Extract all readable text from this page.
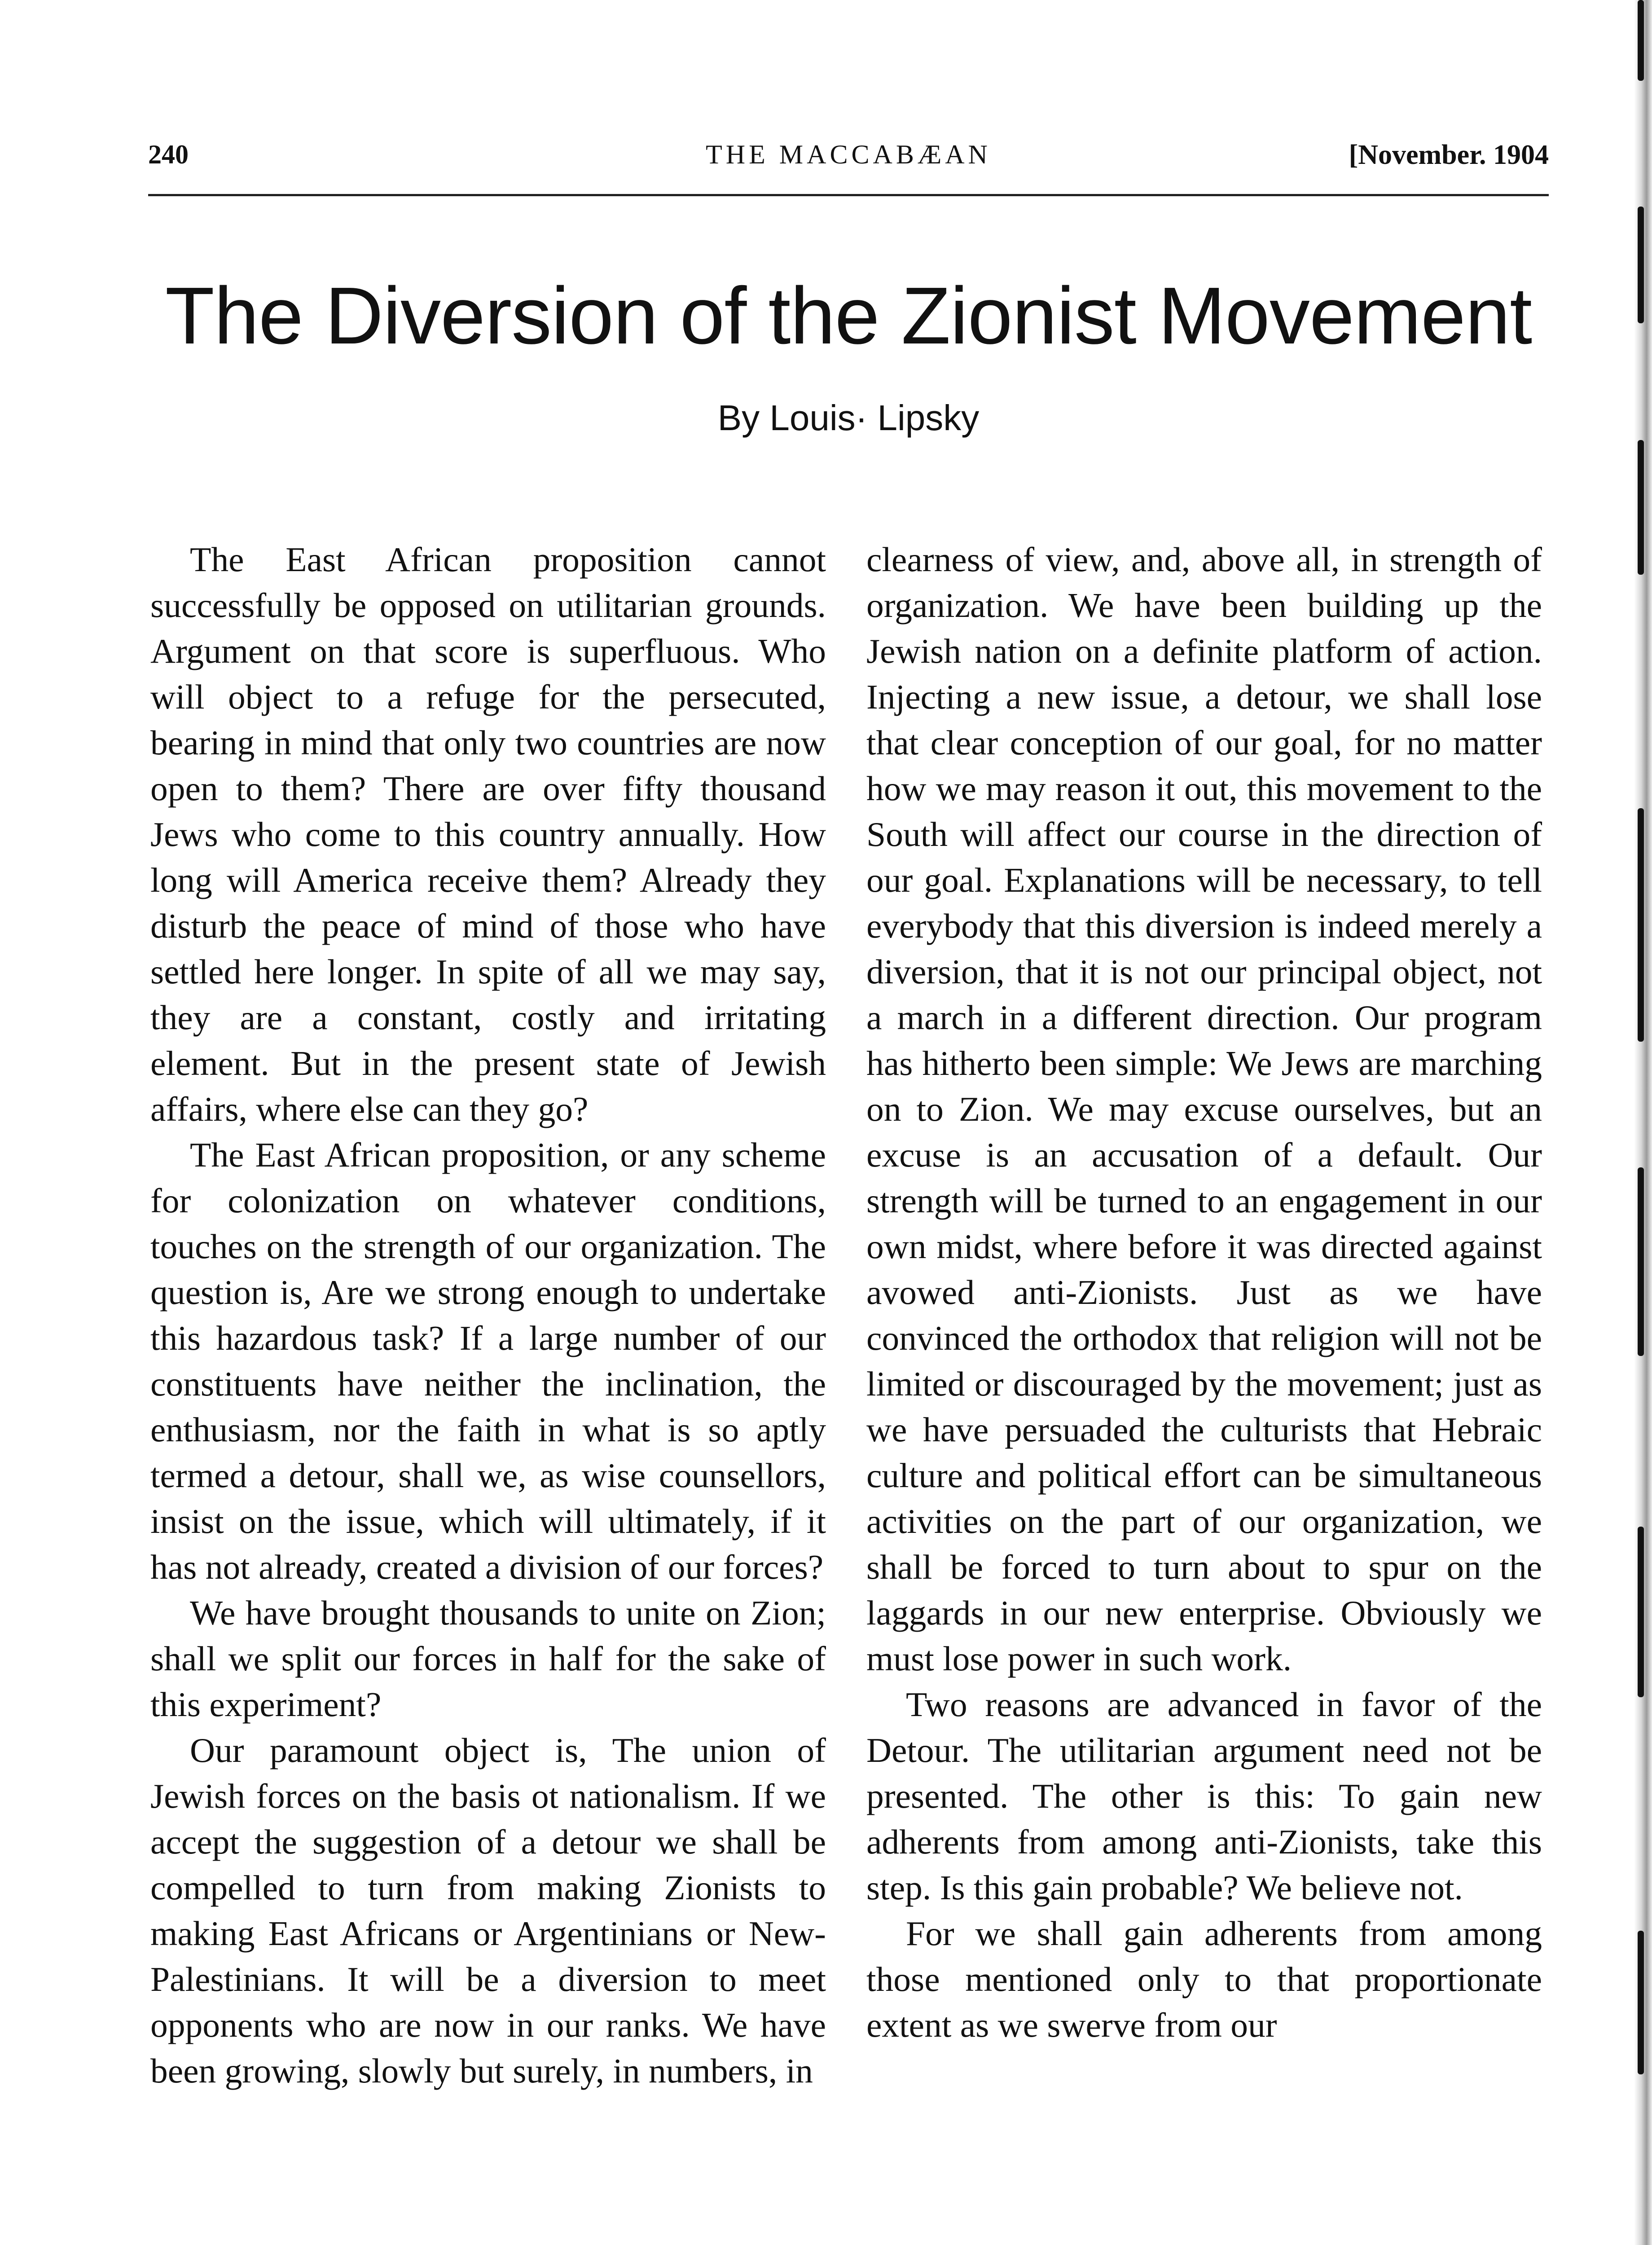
240	THE MACCABÆAN	[November. 1904
The Diversion of the Zionist Movement
By Louis· Lipsky

The East African proposition cannot successfully be opposed on utilitarian grounds. Argument on that score is superfluous. Who will object to a refuge for the persecuted, bearing in mind that only two countries are now open to them? There are over fifty thousand Jews who come to this country annually. How long will America receive them? Already they disturb the peace of mind of those who have settled here longer. In spite of all we may say, they are a constant, costly and irritating element. But in the present state of Jewish affairs, where else can they go?

The East African proposition, or any scheme for colonization on whatever conditions, touches on the strength of our organization. The question is, Are we strong enough to undertake this hazardous task? If a large number of our constituents have neither the inclination, the enthusiasm, nor the faith in what is so aptly termed a detour, shall we, as wise counsellors, insist on the issue, which will ultimately, if it has not already, created a division of our forces?

We have brought thousands to unite on Zion; shall we split our forces in half for the sake of this experiment?

Our paramount object is, The union of Jewish forces on the basis ot nationalism. If we accept the suggestion of a detour we shall be compelled to turn from making Zionists to making East Africans or Argentinians or New-Palestinians. It will be a diversion to meet opponents who are now in our ranks. We have been growing, slowly but surely, in numbers, in

clearness of view, and, above all, in strength of organization. We have been building up the Jewish nation on a definite platform of action. Injecting a new issue, a detour, we shall lose that clear conception of our goal, for no matter how we may reason it out, this movement to the South will affect our course in the direction of our goal. Explanations will be necessary, to tell everybody that this diversion is indeed merely a diversion, that it is not our principal object, not a march in a different direction. Our program has hitherto been simple: We Jews are marching on to Zion. We may excuse ourselves, but an excuse is an accusation of a default. Our strength will be turned to an engagement in our own midst, where before it was directed against avowed anti-Zionists. Just as we have convinced the orthodox that religion will not be limited or discouraged by the movement; just as we have persuaded the culturists that Hebraic culture and political effort can be simultaneous activities on the part of our organization, we shall be forced to turn about to spur on the laggards in our new enterprise. Obviously we must lose power in such work.

Two reasons are advanced in favor of the Detour. The utilitarian argument need not be presented. The other is this: To gain new adherents from among anti-Zionists, take this step. Is this gain probable? We believe not.

For we shall gain adherents from among those mentioned only to that proportionate extent as we swerve from our
